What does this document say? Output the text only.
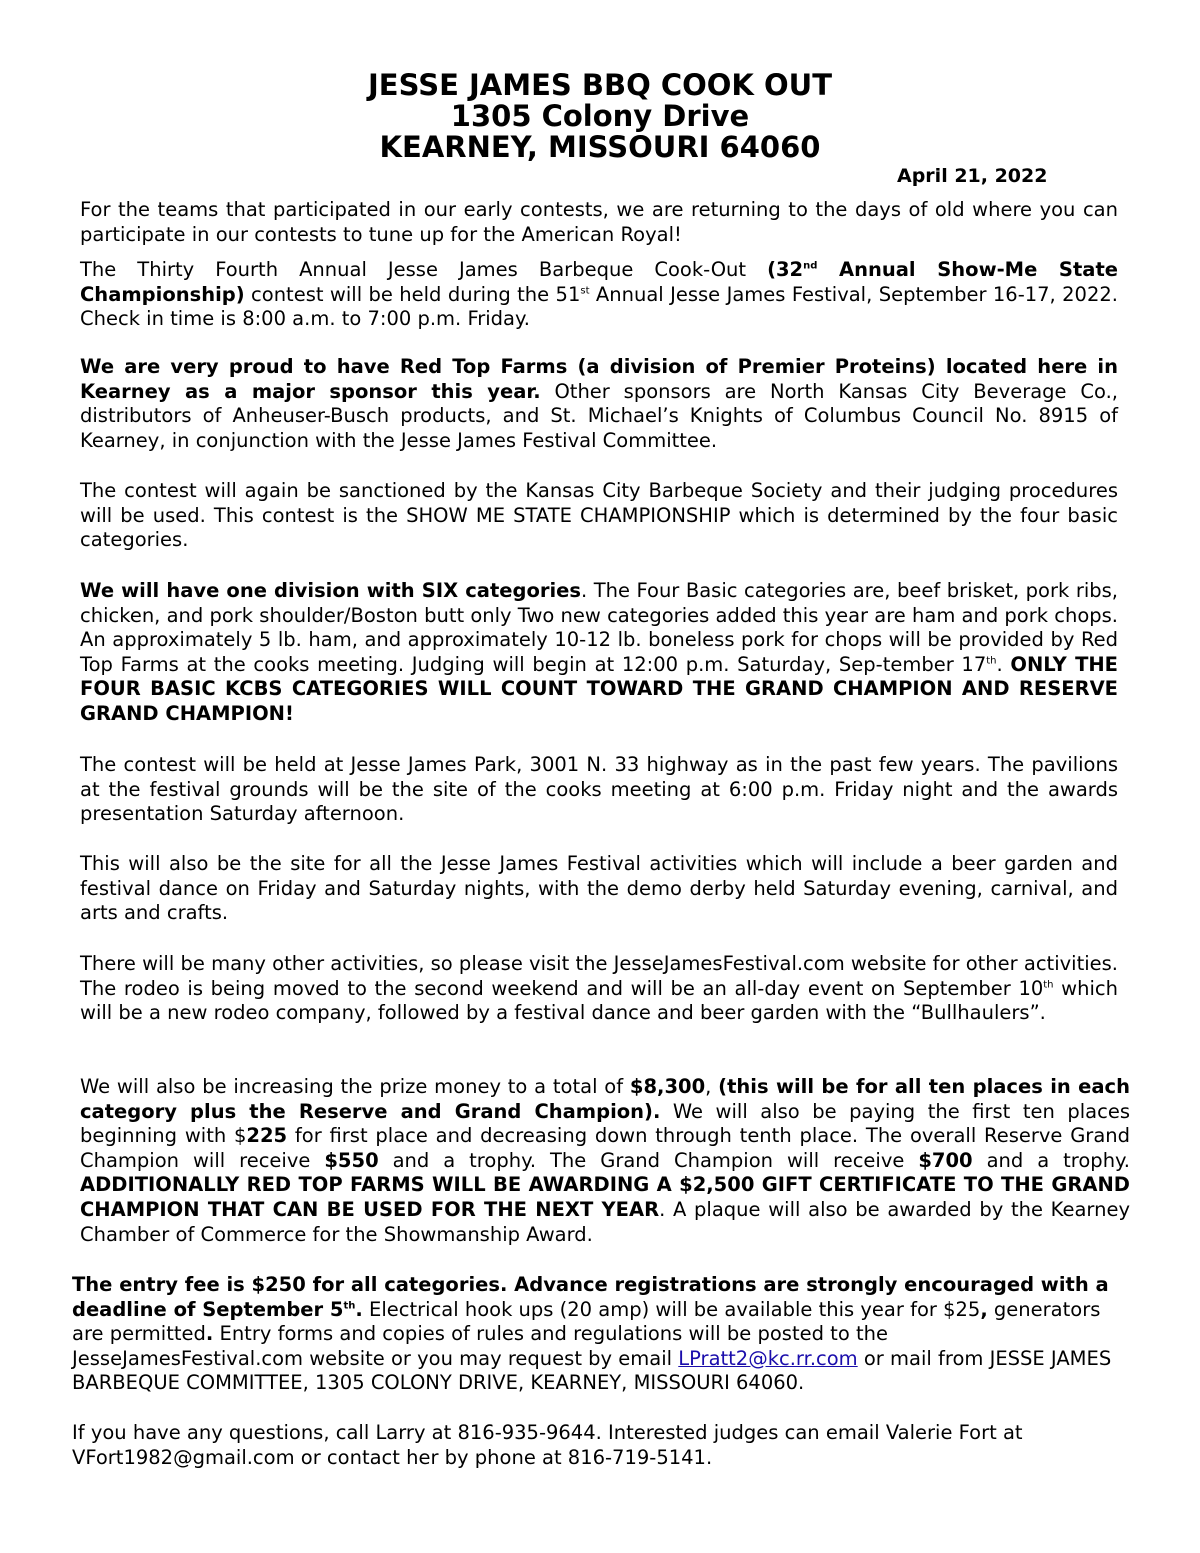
JESSE JAMES BBQ COOK OUT
1305 Colony Drive
KEARNEY, MISSOURI 64060
April 21, 2022
For the teams that participated in our early contests, we are returning to the days of old where you can participate in our contests to tune up for the American Royal!
The Thirty Fourth Annual Jesse James Barbeque Cook-Out (32nd Annual Show-Me State Championship) contest will be held during the 51st Annual Jesse James Festival, September 16-17, 2022. Check in time is 8:00 a.m. to 7:00 p.m. Friday.
We are very proud to have Red Top Farms (a division of Premier Proteins) located here in Kearney as a major sponsor this year. Other sponsors are North Kansas City Beverage Co., distributors of Anheuser-Busch products, and St. Michael’s Knights of Columbus Council No. 8915 of Kearney, in conjunction with the Jesse James Festival Committee.
The contest will again be sanctioned by the Kansas City Barbeque Society and their judging procedures will be used. This contest is the SHOW ME STATE CHAMPIONSHIP which is determined by the four basic categories.
We will have one division with SIX categories. The Four Basic categories are, beef brisket, pork ribs, chicken, and pork shoulder/Boston butt only Two new categories added this year are ham and pork chops. An approximately 5 lb. ham, and approximately 10-12 lb. boneless pork for chops will be provided by Red Top Farms at the cooks meeting. Judging will begin at 12:00 p.m. Saturday, Sep-tember 17th. ONLY THE FOUR BASIC KCBS CATEGORIES WILL COUNT TOWARD THE GRAND CHAMPION AND RESERVE GRAND CHAMPION!
The contest will be held at Jesse James Park, 3001 N. 33 highway as in the past few years. The pavilions at the festival grounds will be the site of the cooks meeting at 6:00 p.m. Friday night and the awards presentation Saturday afternoon.
This will also be the site for all the Jesse James Festival activities which will include a beer garden and festival dance on Friday and Saturday nights, with the demo derby held Saturday evening, carnival, and arts and crafts.
There will be many other activities, so please visit the JesseJamesFestival.com website for other activities. The rodeo is being moved to the second weekend and will be an all-day event on September 10th which will be a new rodeo company, followed by a festival dance and beer garden with the “Bullhaulers”.
We will also be increasing the prize money to a total of $8,300, (this will be for all ten places in each category plus the Reserve and Grand Champion). We will also be paying the first ten places beginning with $225 for first place and decreasing down through tenth place. The overall Reserve Grand Champion will receive $550 and a trophy. The Grand Champion will receive $700 and a trophy. ADDITIONALLY RED TOP FARMS WILL BE AWARDING A $2,500 GIFT CERTIFICATE TO THE GRAND CHAMPION THAT CAN BE USED FOR THE NEXT YEAR. A plaque will also be awarded by the Kearney Chamber of Commerce for the Showmanship Award.
The entry fee is $250 for all categories. Advance registrations are strongly encouraged with a deadline of September 5th. Electrical hook ups (20 amp) will be available this year for $25, generators are permitted. Entry forms and copies of rules and regulations will be posted to the JesseJamesFestival.com website or you may request by email LPratt2@kc.rr.com or mail from JESSE JAMES BARBEQUE COMMITTEE, 1305 COLONY DRIVE, KEARNEY, MISSOURI 64060.
If you have any questions, call Larry at 816-935-9644. Interested judges can email Valerie Fort at VFort1982@gmail.com or contact her by phone at 816-719-5141.
